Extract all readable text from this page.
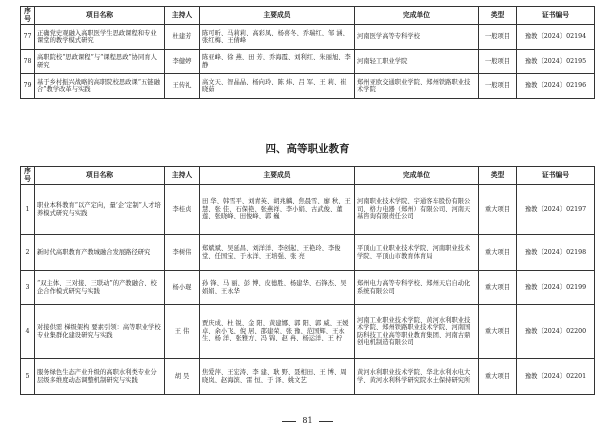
序号	项目名称	主持人	主要成员	完成单位	类型	证书编号
77	正确党史观融入高职医学生思政课程和专业课堂的教学模式研究	杜建芳	陈可昕、马莉莉、高彩凤、杨喜冬、乔瑞红、邹 涵、张红梅、王倩峰	河南医学高等专科学校	一般项目	豫教〔2024〕02194
78	高职院校“思政课程”与“课程思政”协同育人研究	李健婷	陈亚峰、徐 燕、田 芳、乔海霞、刘利红、朱丽旭、李 静	河南轻工职业学院	一般项目	豫教〔2024〕02195
79	基于乡村振兴战略的高职院校思政课“五链融合”教学改革与实践	王传礼	高文天、智晶晶、杨向玲、陈 炜、吕 军、王 莉、崔晓茹	郑州亚欧交通职业学院、郑州铁路职业技术学院	一般项目	豫教〔2024〕02196
四、高等职业教育
序号	项目名称	主持人	主要成员	完成单位	类型	证书编号
1	职业本科教育“以产定向，量‘企’定制”人才培养模式研究与实践	李桂贞	田 华、韩雪平、刘青英、胡兆麟、焦晨雪、廖 秋、王 慧、张 佳、石保艳、张燕祥、李小娟、古武俊、董 莲、张晓峰、田俊峰、郭 巍	河南职业技术学院、宇通客车股份有限公司、格力电器（郑州）有限公司、河南天基咨询有限责任公司	重大项目	豫教〔2024〕02197
2	新时代高职教育产教城融合发展路径研究	李树伟	郑斌斌、吴延昌、刘洋洋、李创起、王艳玲、李俊堂、任国宝、于永洋、王培强、张 亮	平顶山工业职业技术学院、河南职业技术学院、平顶山市教育体育局	重大项目	豫教〔2024〕02198
3	“双主体、三对接、三联动”的产教融合、校企合作模式研究与实践	杨小琨	孙 锋、马 丽、彭 博、皮德胜、杨建华、石锋杰、吴娟娟、王永华	郑州电力高等专科学校、郑州天启自动化系统有限公司	重大项目	豫教〔2024〕02199
4	对接供需 梯级架构 要素引领：高等职业学校专业集群化建设研究与实践	王 伟	贾庆成、杜 锐、金 阳、黄建娜、郭 阳、郭 威、王媛卓、余小飞、倪 居、邵建荣、张 豫、范国辉、王永生、杨 洋、张雅方、冯 锦、赵 冉、杨运洋、王 柠	河南工业职业技术学院、黄河水利职业技术学院、郑州铁路职业技术学院、河南国防科技工业高等职业教育集团、河南古鼎创电机制造有限公司	重大项目	豫教〔2024〕02200
5	服务绿色生态产业升级的高职水利类专业分层级多维度动态调整机制研究与实践	胡 昊	焦爱萍、王宏涛、李 建、耿 野、聂相田、王 博、周晓岚、赵海滨、雷 恒、于 泽、姚文艺	黄河水利职业技术学院、华北水利水电大学、黄河水利科学研究院水土保持研究所	重大项目	豫教〔2024〕02201
81
